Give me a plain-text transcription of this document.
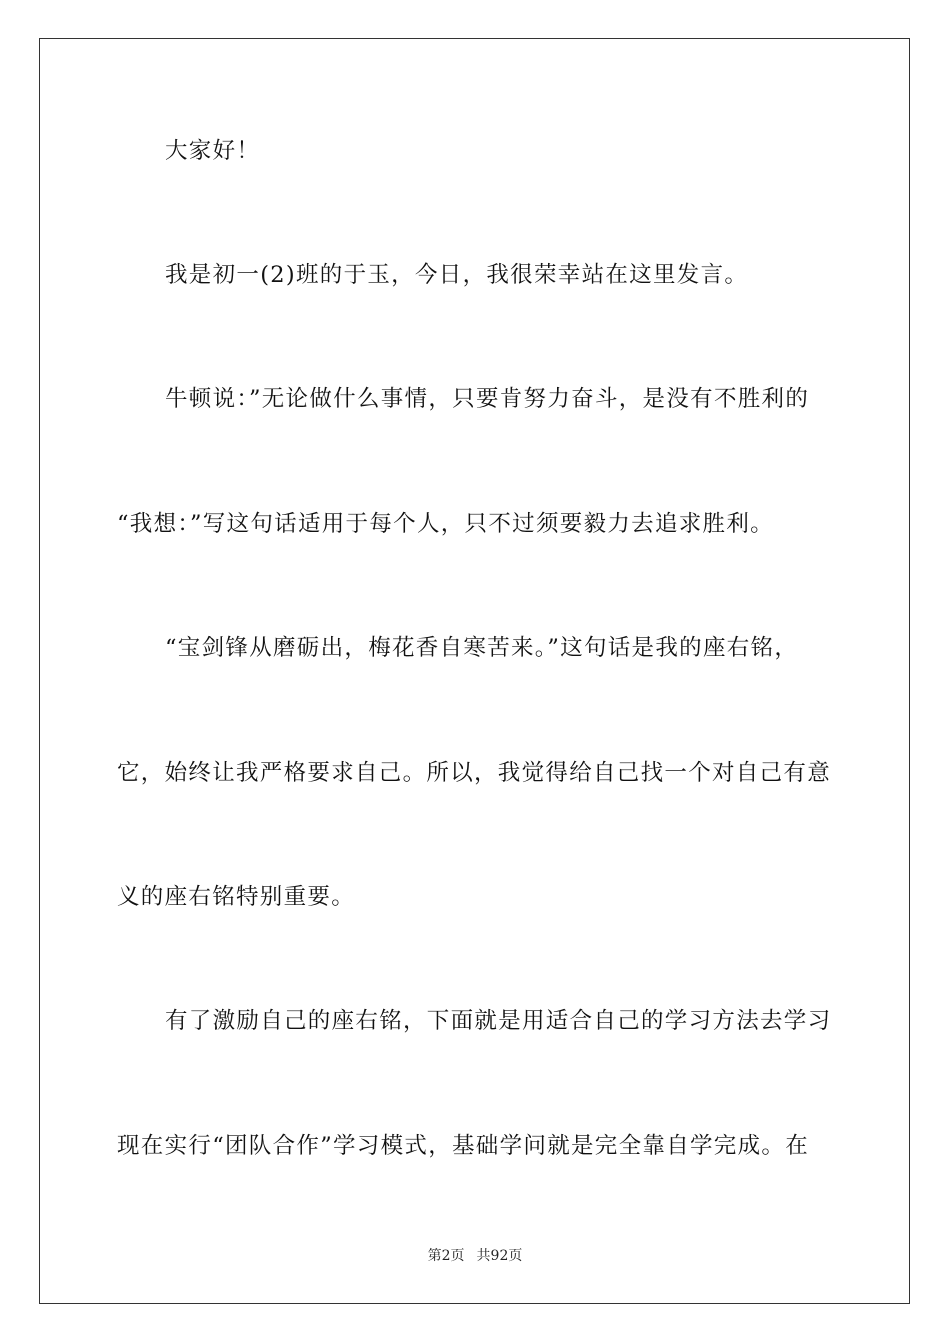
大家好！
我是初一(2)班的于玉，今日，我很荣幸站在这里发言。
牛顿说：”无论做什么事情，只要肯努力奋斗，是没有不胜利的
“我想：”写这句话适用于每个人，只不过须要毅力去追求胜利。
“宝剑锋从磨砺出，梅花香自寒苦来。”这句话是我的座右铭，
它，始终让我严格要求自己。所以，我觉得给自己找一个对自己有意
义的座右铭特别重要。
有了激励自己的座右铭，下面就是用适合自己的学习方法去学习
现在实行“团队合作”学习模式，基础学问就是完全靠自学完成。在
第2页 共92页
